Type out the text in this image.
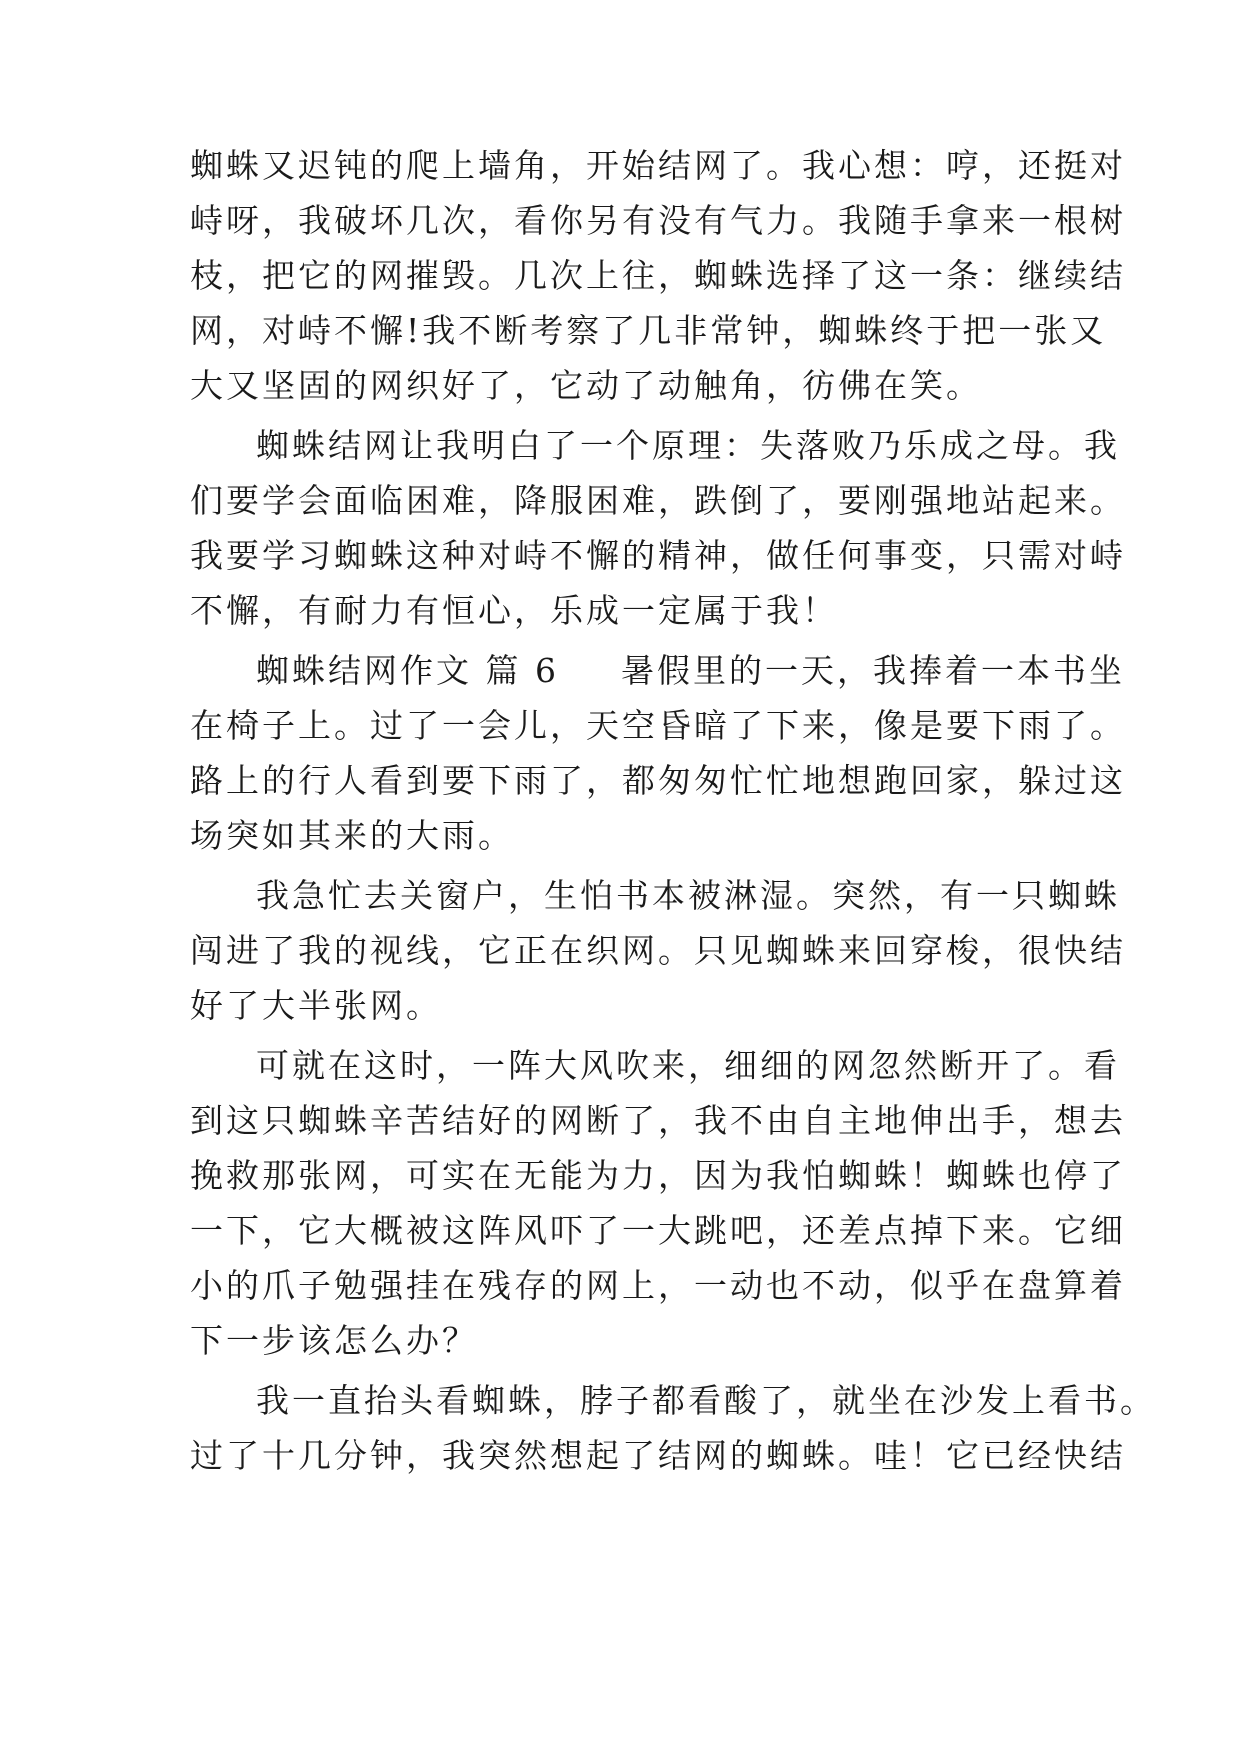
蜘蛛又迟钝的爬上墙角，开始结网了。我心想：哼，还挺对
峙呀，我破坏几次，看你另有没有气力。我随手拿来一根树
枝，把它的网摧毁。几次上往，蜘蛛选择了这一条：继续结
网，对峙不懈!我不断考察了几非常钟，蜘蛛终于把一张又
大又坚固的网织好了，它动了动触角，彷佛在笑。
蜘蛛结网让我明白了一个原理：失落败乃乐成之母。我
们要学会面临困难，降服困难，跌倒了，要刚强地站起来。
我要学习蜘蛛这种对峙不懈的精神，做任何事变，只需对峙
不懈，有耐力有恒心，乐成一定属于我！
蜘蛛结网作文 篇 6 暑假里的一天，我捧着一本书坐
在椅子上。过了一会儿，天空昏暗了下来，像是要下雨了。
路上的行人看到要下雨了，都匆匆忙忙地想跑回家，躲过这
场突如其来的大雨。
我急忙去关窗户，生怕书本被淋湿。突然，有一只蜘蛛
闯进了我的视线，它正在织网。只见蜘蛛来回穿梭，很快结
好了大半张网。
可就在这时，一阵大风吹来，细细的网忽然断开了。看
到这只蜘蛛辛苦结好的网断了，我不由自主地伸出手，想去
挽救那张网，可实在无能为力，因为我怕蜘蛛！蜘蛛也停了
一下，它大概被这阵风吓了一大跳吧，还差点掉下来。它细
小的爪子勉强挂在残存的网上，一动也不动，似乎在盘算着
下一步该怎么办？
我一直抬头看蜘蛛，脖子都看酸了，就坐在沙发上看书。
过了十几分钟，我突然想起了结网的蜘蛛。哇！它已经快结
